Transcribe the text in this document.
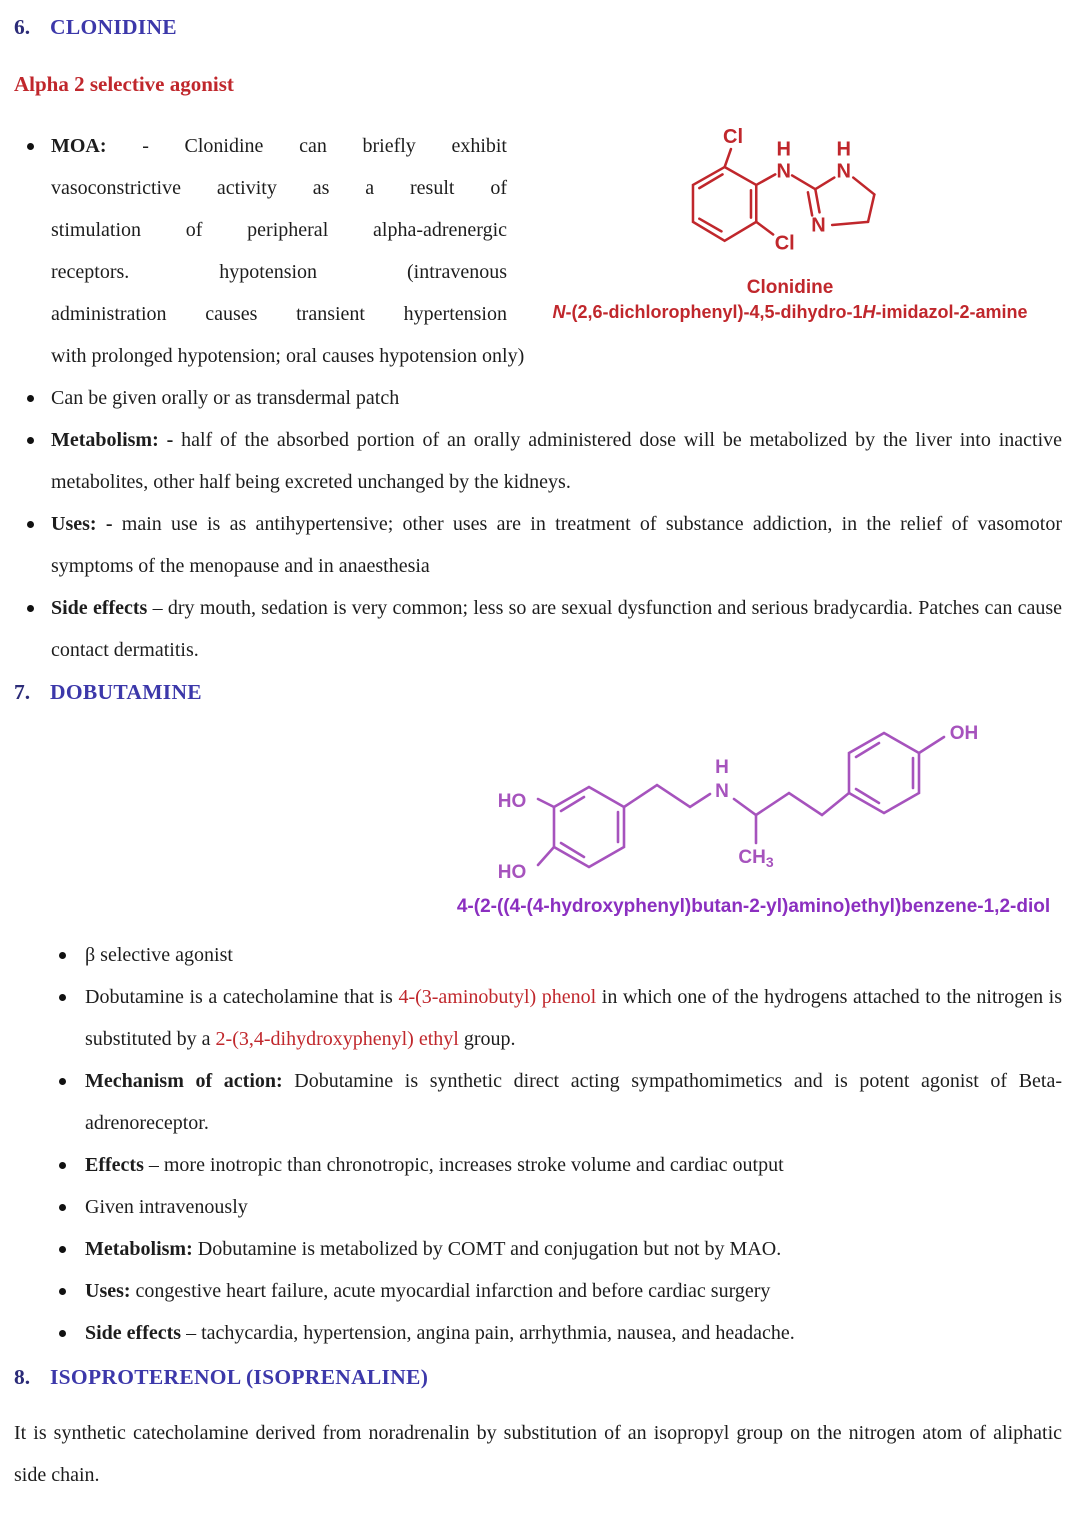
6. CLONIDINE
Alpha 2 selective agonist
Cl
Cl
N
H
N
H
N
Clonidine
N-(2,6-dichlorophenyl)-4,5-dihydro-1H-imidazol-2-amine
MOA: - Clonidine can briefly exhibit
vasoconstrictive activity as a result of
stimulation of peripheral alpha-adrenergic
receptors. hypotension (intravenous
administration causes transient hypertension
with prolonged hypotension; oral causes hypotension only)
Can be given orally or as transdermal patch
Metabolism: - half of the absorbed portion of an orally administered dose will be metabolized by the liver into inactive metabolites, other half being excreted unchanged by the kidneys.
Uses: - main use is as antihypertensive; other uses are in treatment of substance addiction, in the relief of vasomotor symptoms of the menopause and in anaesthesia
Side effects – dry mouth, sedation is very common; less so are sexual dysfunction and serious bradycardia. Patches can cause contact dermatitis.
7. DOBUTAMINE
HO
HO
N
H
$CH_3$
OH
4-(2-((4-(4-hydroxyphenyl)butan-2-yl)amino)ethyl)benzene-1,2-diol
β selective agonist
Dobutamine is a catecholamine that is 4-(3-aminobutyl) phenol in which one of the hydrogens attached to the nitrogen is substituted by a 2-(3,4-dihydroxyphenyl) ethyl group.
Mechanism of action: Dobutamine is synthetic direct acting sympathomimetics and is potent agonist of Beta-adrenoreceptor.
Effects – more inotropic than chronotropic, increases stroke volume and cardiac output
Given intravenously
Metabolism: Dobutamine is metabolized by COMT and conjugation but not by MAO.
Uses: congestive heart failure, acute myocardial infarction and before cardiac surgery
Side effects – tachycardia, hypertension, angina pain, arrhythmia, nausea, and headache.
8. ISOPROTERENOL (ISOPRENALINE)
It is synthetic catecholamine derived from noradrenalin by substitution of an isopropyl group on the nitrogen atom of aliphatic side chain.
